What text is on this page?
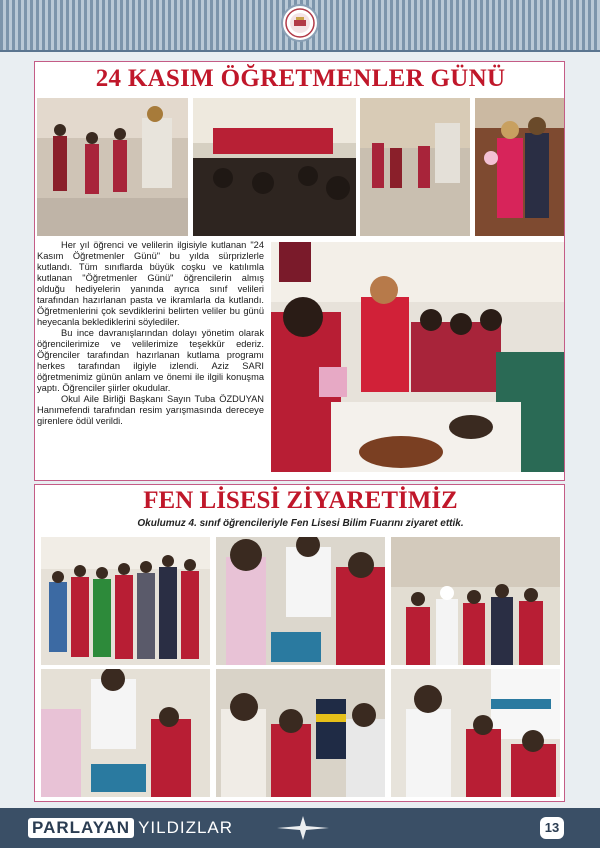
24 KASIM ÖĞRETMENLER GÜNÜ

Her yıl öğrenci ve velilerin ilgisiyle kutlanan "24 Kasım Öğretmenler Günü" bu yılda sürprizlerle kutlandı. Tüm sınıflarda büyük coşku ve katılımla kutlanan "Öğretmenler Günü" öğrencilerin almış olduğu hediyelerin yanında ayrıca sınıf velileri tarafından hazırlanan pasta ve ikramlarla da kutlandı. Öğretmenlerini çok sevdiklerini belirten veliler bu günü heyecanla beklediklerini söylediler.

Bu ince davranışlarından dolayı yönetim olarak öğrencilerimize ve velilerimize teşekkür ederiz. Öğrenciler tarafından hazırlanan kutlama programı herkes tarafından ilgiyle izlendi. Aziz SARI öğretmenimiz günün anlam ve önemi ile ilgili konuşma yaptı. Öğrenciler şiirler okudular.

Okul Aile Birliği Başkanı Sayın Tuba ÖZDUYAN Hanımefendi tarafından resim yarışmasında dereceye girenlere ödül verildi.

FEN LİSESİ ZİYARETİMİZ
Okulumuz 4. sınıf öğrencileriyle Fen Lisesi Bilim Fuarını ziyaret ettik.
PARLAYAN YILDIZLAR	13
